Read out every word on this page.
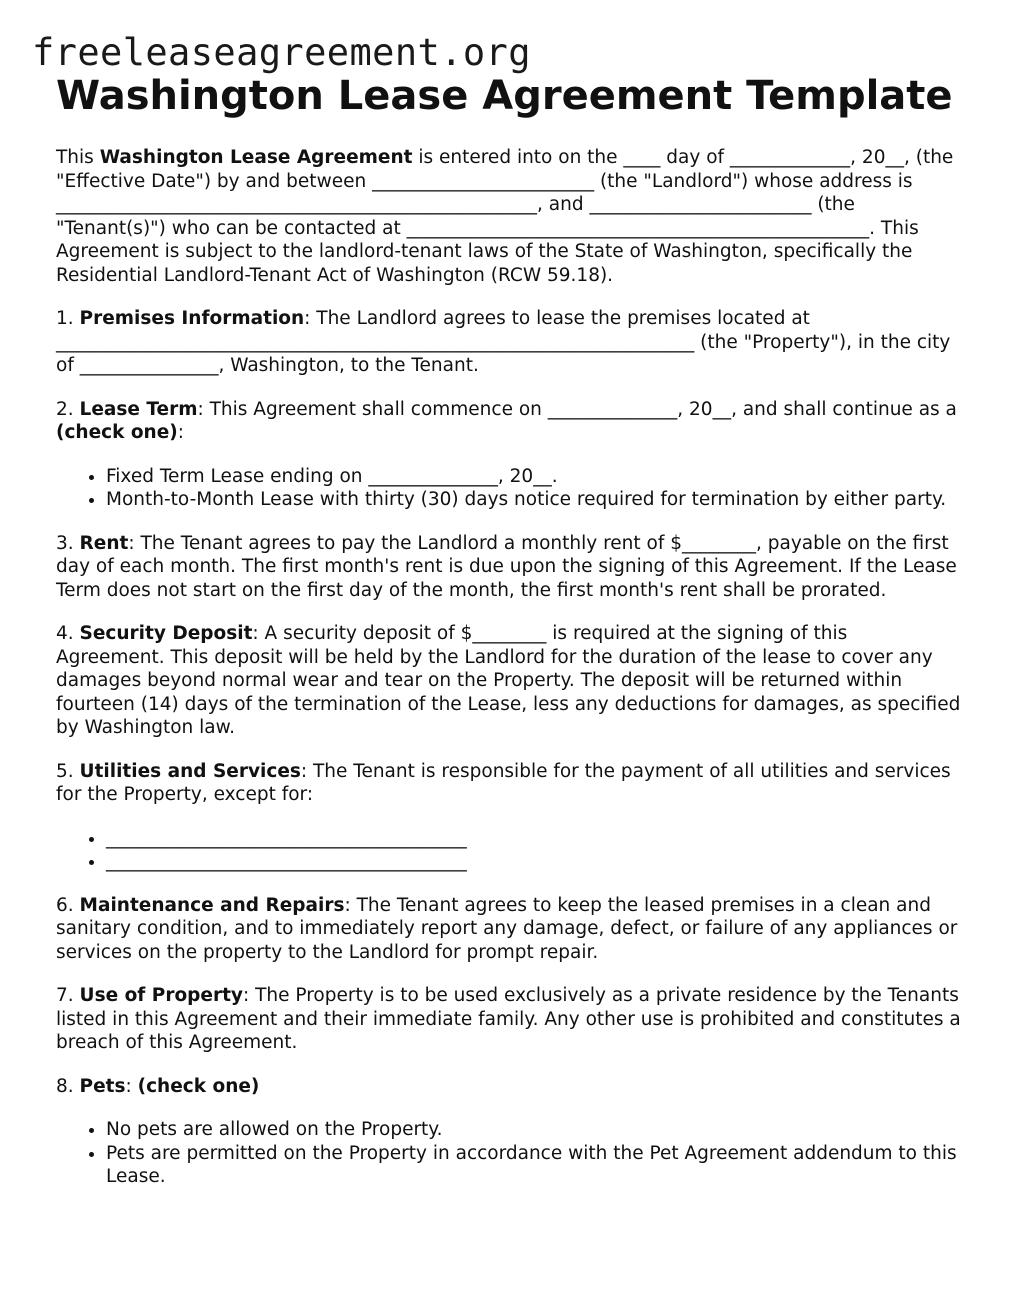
freeleaseagreement.org
Washington Lease Agreement Template

This Washington Lease Agreement is entered into on the ____ day of _____________, 20__, (the "Effective Date") by and between ________________________ (the "Landlord") whose address is ____________________________________________________, and ________________________ (the "Tenant(s)") who can be contacted at __________________________________________________. This Agreement is subject to the landlord-tenant laws of the State of Washington, specifically the Residential Landlord-Tenant Act of Washington (RCW 59.18).

1. Premises Information: The Landlord agrees to lease the premises located at _____________________________________________________________________ (the "Property"), in the city of _______________, Washington, to the Tenant.

2. Lease Term: This Agreement shall commence on ______________, 20__, and shall continue as a (check one):

• Fixed Term Lease ending on ______________, 20__.
• Month-to-Month Lease with thirty (30) days notice required for termination by either party.

3. Rent: The Tenant agrees to pay the Landlord a monthly rent of $________, payable on the first day of each month. The first month's rent is due upon the signing of this Agreement. If the Lease Term does not start on the first day of the month, the first month's rent shall be prorated.

4. Security Deposit: A security deposit of $________ is required at the signing of this Agreement. This deposit will be held by the Landlord for the duration of the lease to cover any damages beyond normal wear and tear on the Property. The deposit will be returned within fourteen (14) days of the termination of the Lease, less any deductions for damages, as specified by Washington law.

5. Utilities and Services: The Tenant is responsible for the payment of all utilities and services for the Property, except for:

• _______________________________________
• _______________________________________

6. Maintenance and Repairs: The Tenant agrees to keep the leased premises in a clean and sanitary condition, and to immediately report any damage, defect, or failure of any appliances or services on the property to the Landlord for prompt repair.

7. Use of Property: The Property is to be used exclusively as a private residence by the Tenants listed in this Agreement and their immediate family. Any other use is prohibited and constitutes a breach of this Agreement.

8. Pets: (check one)

• No pets are allowed on the Property.
• Pets are permitted on the Property in accordance with the Pet Agreement addendum to this Lease.
